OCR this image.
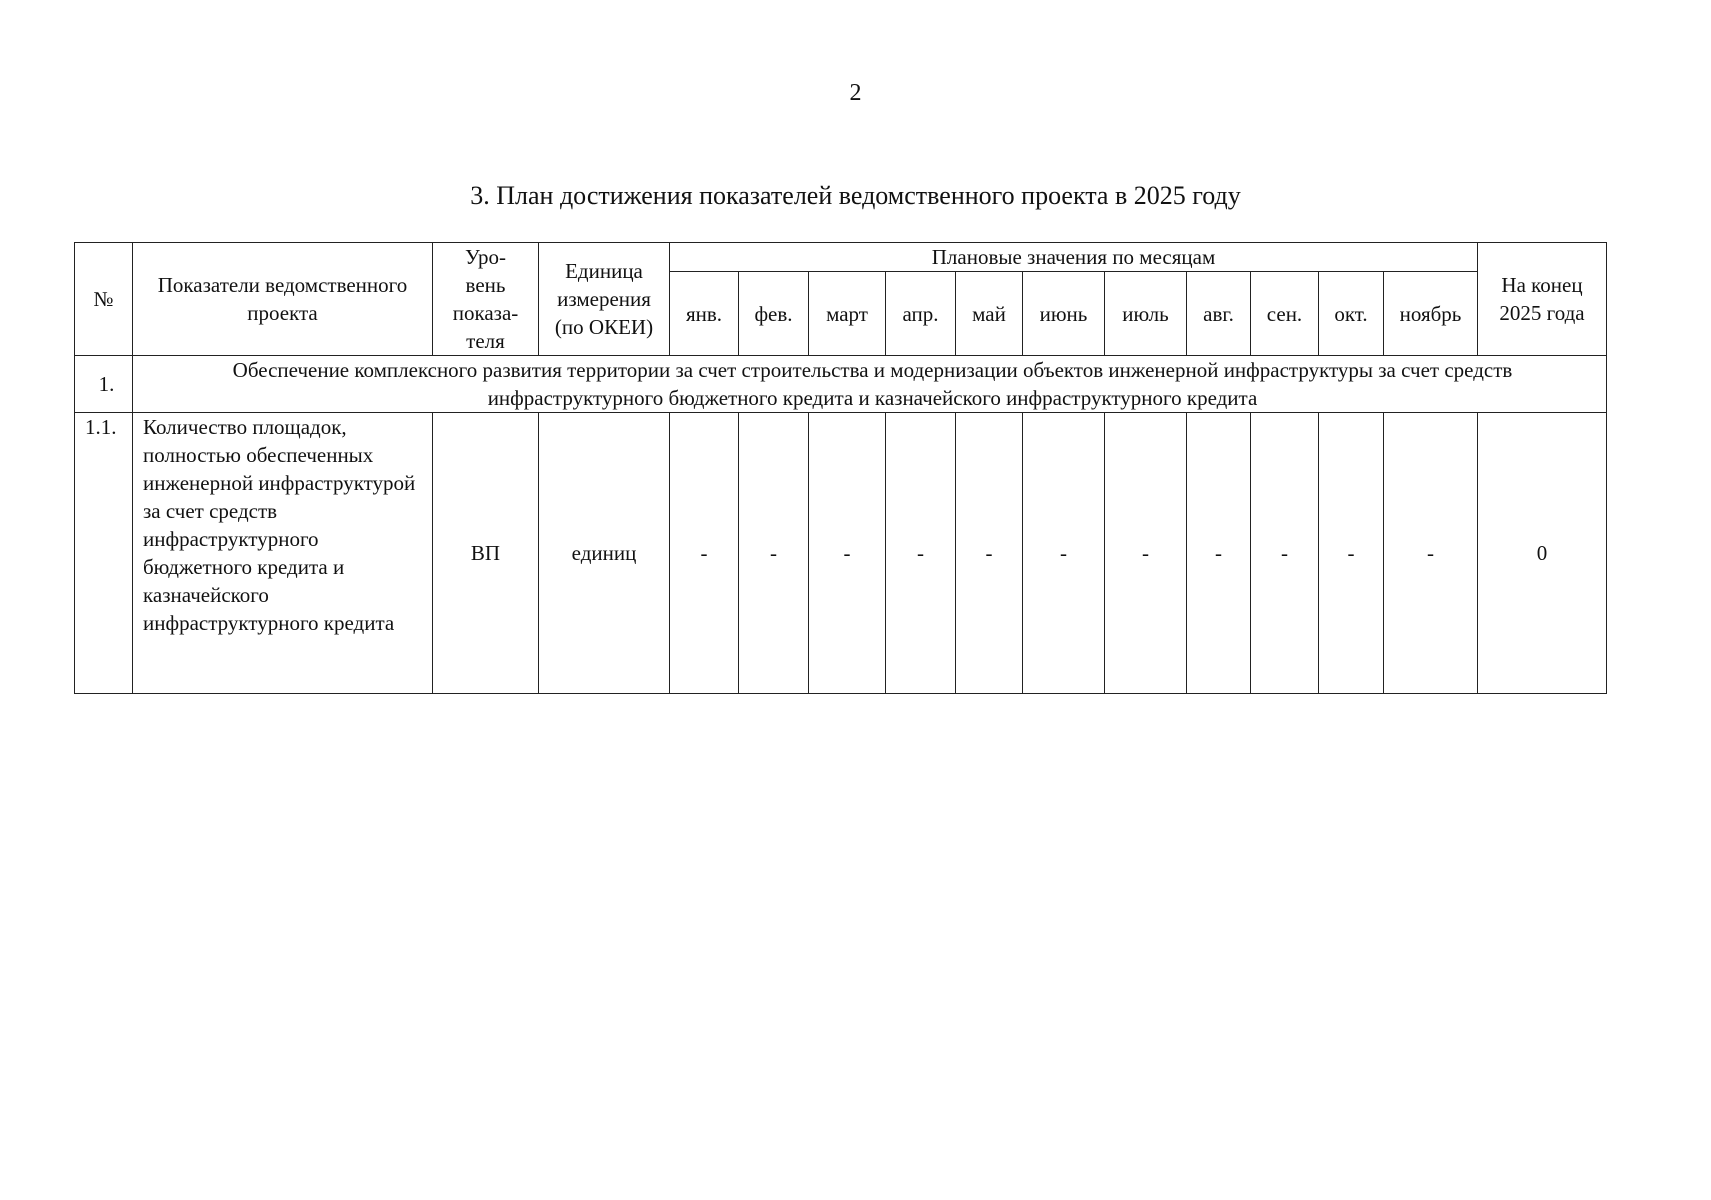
2
3. План достижения показателей ведомственного проекта в 2025 году
№	Показатели ведомственного проекта	Уро- вень показа- теля	Единица измерения (по ОКЕИ)	Плановые значения по месяцам											На конец 2025 года
				янв.	фев.	март	апр.	май	июнь	июль	авг.	сен.	окт.	ноябрь	
1.	Обеспечение комплексного развития территории за счет строительства и модернизации объектов инженерной инфраструктуры за счет средств инфраструктурного бюджетного кредита и казначейского инфраструктурного кредита														
1.1.	Количество площадок, полностью обеспеченных инженерной инфраструктурой за счет средств инфраструктурного бюджетного кредита и казначейского инфраструктурного кредита	ВП	единиц	-	-	-	-	-	-	-	-	-	-	-	0
